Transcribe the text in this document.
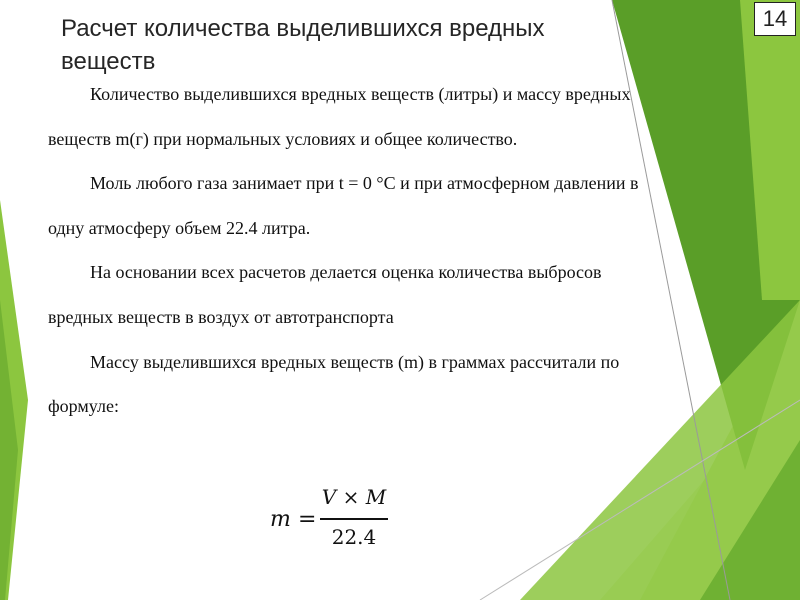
14
Расчет количества выделившихся вредных веществ

Количество выделившихся вредных веществ (литры) и массу вредных веществ m(г) при нормальных условиях и общее количество.

Моль любого газа занимает при t = 0 °C и при атмосферном давлении в одну атмосферу объем 22.4 литра.

На основании всех расчетов делается оценка количества выбросов вредных веществ в воздух от автотранспорта

Массу выделившихся вредных веществ (m) в граммах рассчитали по формуле:

m =
V × M
22.4
